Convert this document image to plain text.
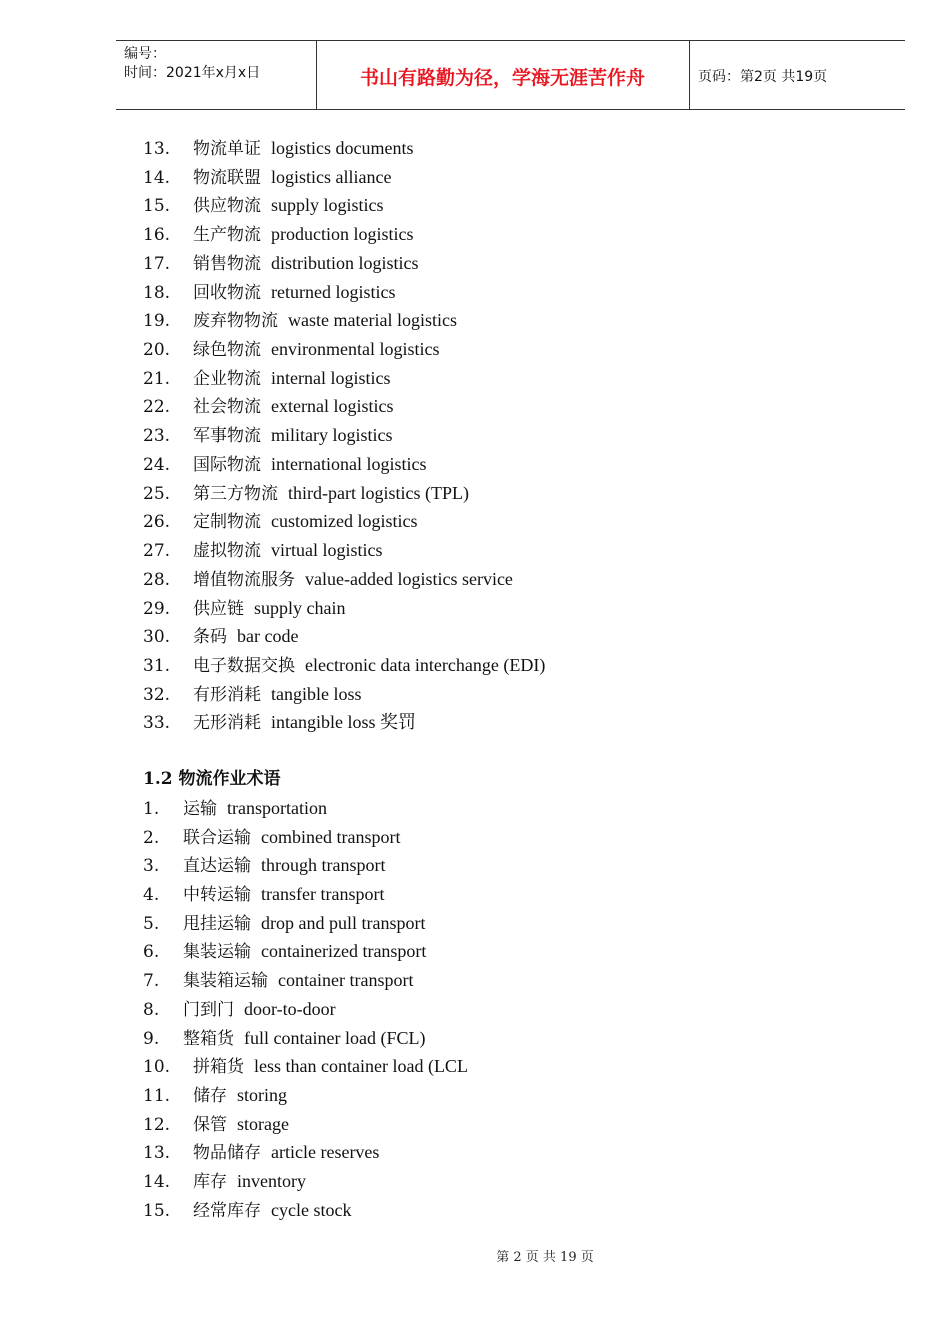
编号：
时间：2021年x月x日	书山有路勤为径，学海无涯苦作舟	页码：第2页 共19页
13. 物流单证 logistics documents
14. 物流联盟 logistics alliance
15. 供应物流 supply logistics
16. 生产物流 production logistics
17. 销售物流 distribution logistics
18. 回收物流 returned logistics
19. 废弃物物流 waste material logistics
20. 绿色物流 environmental logistics
21. 企业物流 internal logistics
22. 社会物流 external logistics
23. 军事物流 military logistics
24. 国际物流 international logistics
25. 第三方物流 third-part logistics (TPL)
26. 定制物流 customized logistics
27. 虚拟物流 virtual logistics
28. 增值物流服务 value-added logistics service
29. 供应链 supply chain
30. 条码 bar code
31. 电子数据交换 electronic data interchange (EDI)
32. 有形消耗 tangible loss
33. 无形消耗 intangible loss 奖罚
1.2 物流作业术语
1. 运输 transportation
2. 联合运输 combined transport
3. 直达运输 through transport
4. 中转运输 transfer transport
5. 甩挂运输 drop and pull transport
6. 集装运输 containerized transport
7. 集装箱运输 container transport
8. 门到门 door-to-door
9. 整箱货 full container load (FCL)
10. 拼箱货 less than container load (LCL
11. 储存 storing
12. 保管 storage
13. 物品储存 article reserves
14. 库存 inventory
15. 经常库存 cycle stock
第 2 页 共 19 页
